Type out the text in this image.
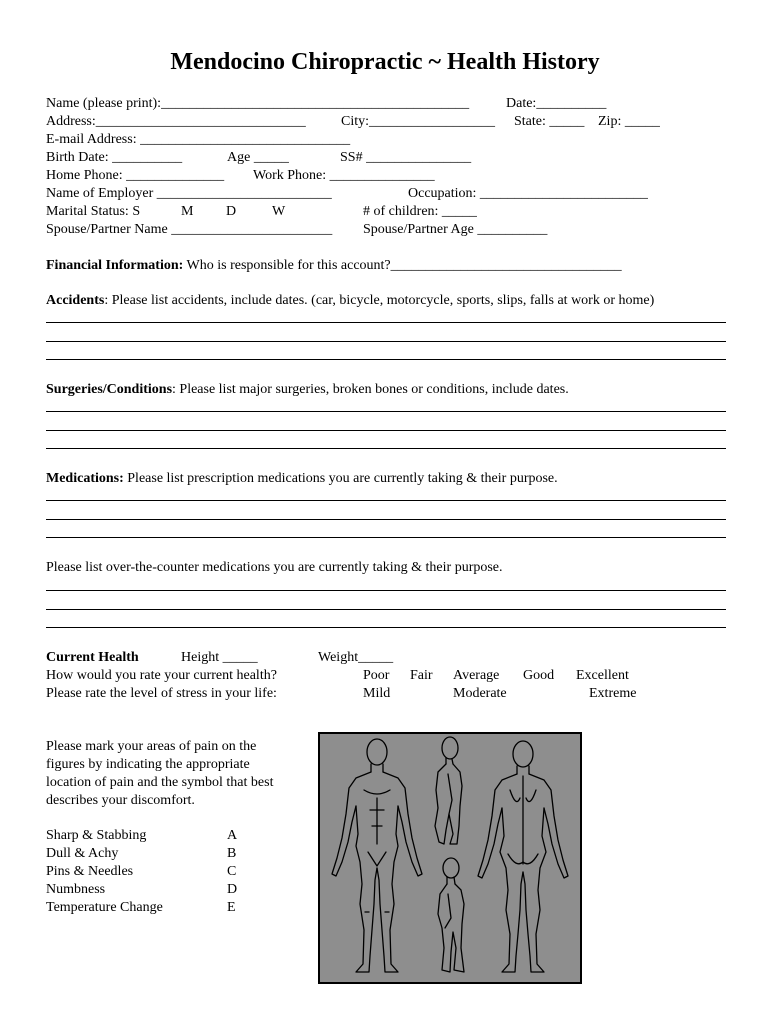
Mendocino Chiropractic ~ Health History
Name (please print):____________________________________________ Date:__________
Address:______________________________ City:__________________ State: _____ Zip: _____
E-mail Address: ______________________________
Birth Date: __________	Age _____	SS# _______________
Home Phone: ______________ Work Phone: _______________
Name of Employer _________________________	Occupation: ________________________
Marital Status: S	M D	W	# of children: _____
Spouse/Partner Name _______________________ Spouse/Partner Age __________
Financial Information: Who is responsible for this account?_________________________________
Accidents: Please list accidents, include dates. (car, bicycle, motorcycle, sports, slips, falls at work or home)
Surgeries/Conditions: Please list major surgeries, broken bones or conditions, include dates.
Medications: Please list prescription medications you are currently taking & their purpose.
Please list over-the-counter medications you are currently taking & their purpose.
Current Health	Height _____	Weight_____
How would you rate your current health?	Poor Fair Average Good Excellent
Please rate the level of stress in your life:	Mild	Moderate	Extreme
Please mark your areas of pain on the
figures by indicating the appropriate
location of pain and the symbol that best
describes your discomfort.
Sharp & Stabbing	A
Dull & Achy	B
Pins & Needles	C
Numbness	D
Temperature Change	E
